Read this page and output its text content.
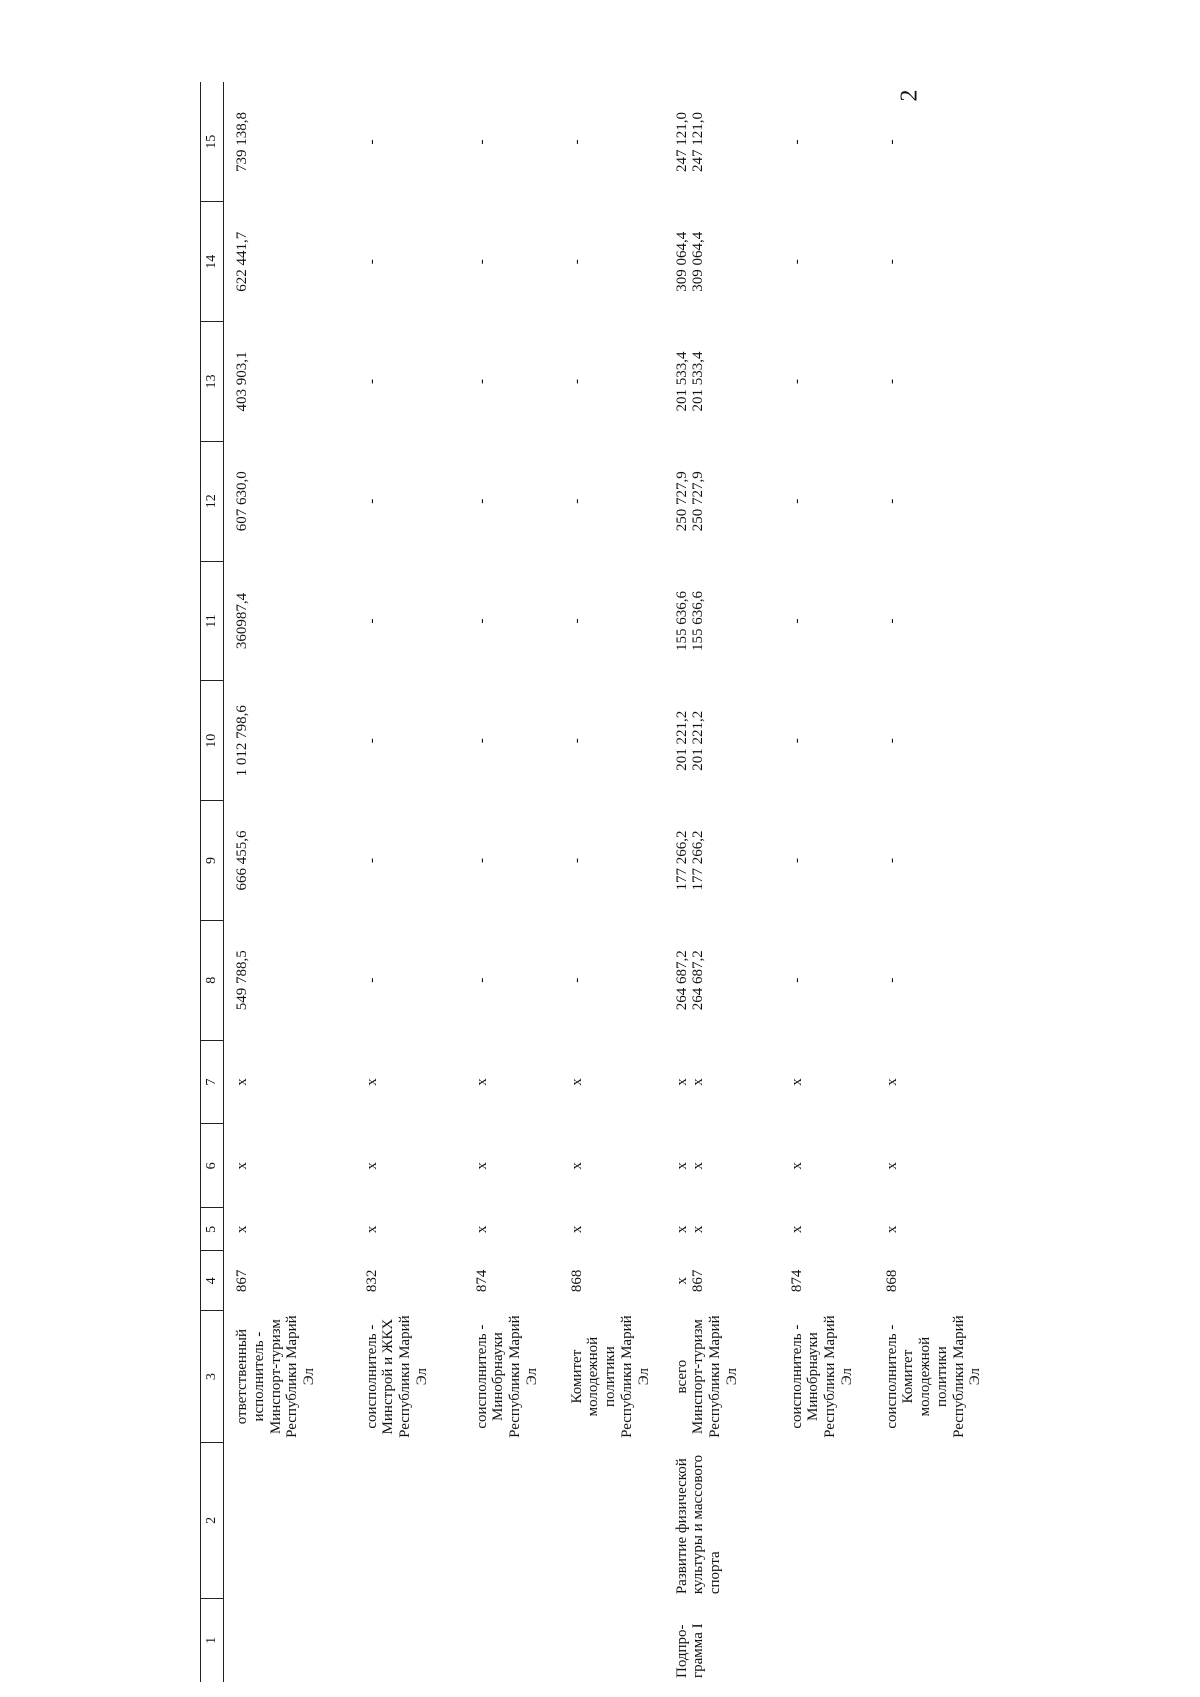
2
1	2	3	4	5	6	7	8	9	10	11	12	13	14	15
		ответственный исполнитель - Минспорт-туризм Республики Марий Эл	867	х	х	х	549 788,5	666 455,6	1 012 798,6	360987,4	607 630,0	403 903,1	622 441,7	739 138,8
		соисполнитель - Минстрой и ЖКХ Республики Марий Эл	832	х	х	х	-	-	-	-	-	-	-	-
		соисполнитель - Минобрнауки Республики Марий Эл	874	х	х	х	-	-	-	-	-	-	-	-
		Комитет молодежной политики Республики Марий Эл	868	х	х	х	-	-	-	-	-	-	-	-
Подпро-грамма I	Развитие физической культуры и массового спорта	всего Минспорт-туризм Республики Марий Эл	х 867	х х	х х	х х	264 687,2 264 687,2	177 266,2 177 266,2	201 221,2 201 221,2	155 636,6 155 636,6	250 727,9 250 727,9	201 533,4 201 533,4	309 064,4 309 064,4	247 121,0 247 121,0

		соисполнитель - Минобрнауки Республики Марий Эл	874	х	х	х	-	-	-	-	-	-	-	-
		соисполнитель - Комитет молодежной политики Республики Марий Эл	868	х	х	х	-	-	-	-	-	-	-	-
